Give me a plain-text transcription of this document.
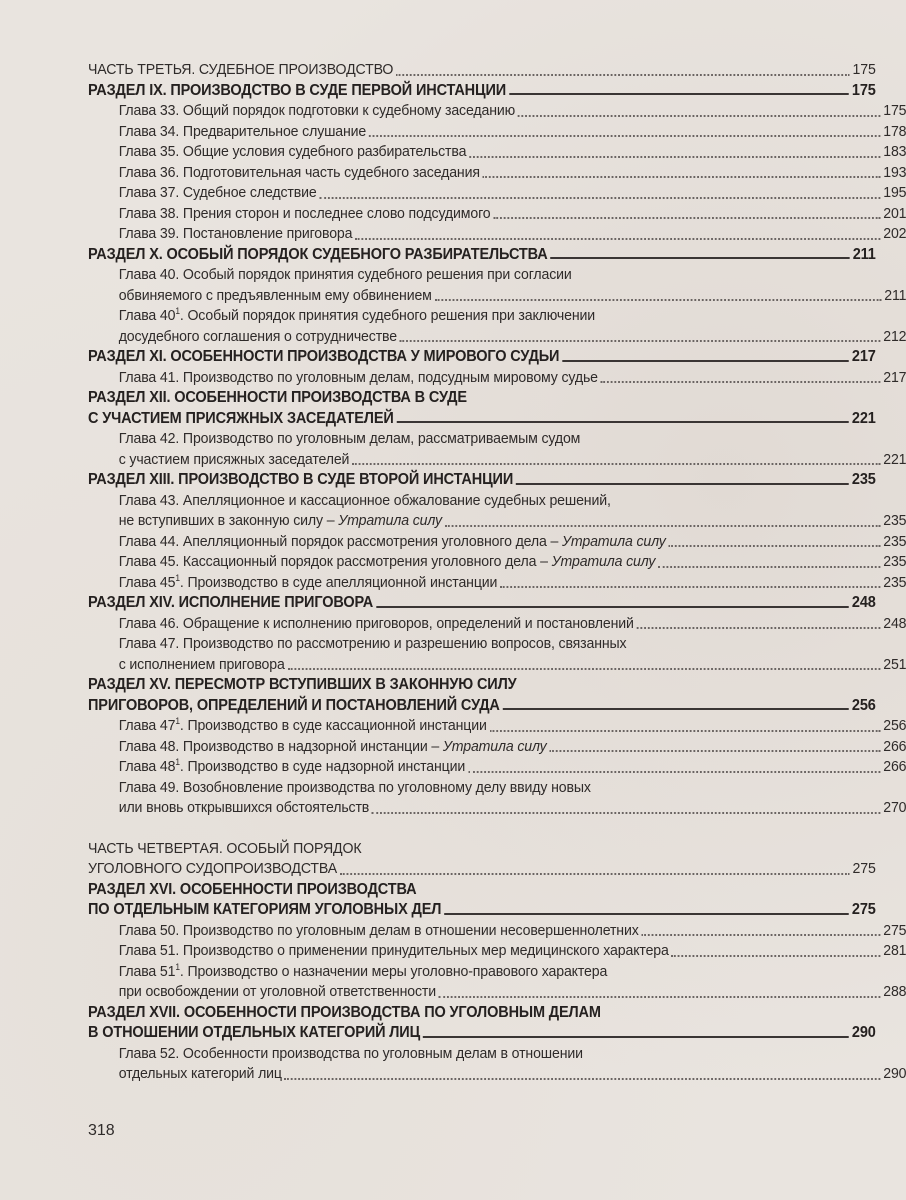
ЧАСТЬ ТРЕТЬЯ. СУДЕБНОЕ ПРОИЗВОДСТВО	175
РАЗДЕЛ IX. ПРОИЗВОДСТВО В СУДЕ ПЕРВОЙ ИНСТАНЦИИ	175
Глава 33. Общий порядок подготовки к судебному заседанию	175
Глава 34. Предварительное слушание	178
Глава 35. Общие условия судебного разбирательства	183
Глава 36. Подготовительная часть судебного заседания	193
Глава 37. Судебное следствие	195
Глава 38. Прения сторон и последнее слово подсудимого	201
Глава 39. Постановление приговора	202
РАЗДЕЛ X. ОСОБЫЙ ПОРЯДОК СУДЕБНОГО РАЗБИРАТЕЛЬСТВА	211
Глава 40. Особый порядок принятия судебного решения при согласии
обвиняемого с предъявленным ему обвинением	211
Глава $40^1$. Особый порядок принятия судебного решения при заключении
досудебного соглашения о сотрудничестве	212
РАЗДЕЛ XI. ОСОБЕННОСТИ ПРОИЗВОДСТВА У МИРОВОГО СУДЬИ	217
Глава 41. Производство по уголовным делам, подсудным мировому судье	217
РАЗДЕЛ XII. ОСОБЕННОСТИ ПРОИЗВОДСТВА В СУДЕ
С УЧАСТИЕМ ПРИСЯЖНЫХ ЗАСЕДАТЕЛЕЙ	221
Глава 42. Производство по уголовным делам, рассматриваемым судом
с участием присяжных заседателей	221
РАЗДЕЛ XIII. ПРОИЗВОДСТВО В СУДЕ ВТОРОЙ ИНСТАНЦИИ	235
Глава 43. Апелляционное и кассационное обжалование судебных решений,
не вступивших в законную силу – Утратила силу	235
Глава 44. Апелляционный порядок рассмотрения уголовного дела – Утратила силу	235
Глава 45. Кассационный порядок рассмотрения уголовного дела – Утратила силу	235
Глава $45^1$. Производство в суде апелляционной инстанции	235
РАЗДЕЛ XIV. ИСПОЛНЕНИЕ ПРИГОВОРА	248
Глава 46. Обращение к исполнению приговоров, определений и постановлений	248
Глава 47. Производство по рассмотрению и разрешению вопросов, связанных
с исполнением приговора	251
РАЗДЕЛ XV. ПЕРЕСМОТР ВСТУПИВШИХ В ЗАКОННУЮ СИЛУ
ПРИГОВОРОВ, ОПРЕДЕЛЕНИЙ И ПОСТАНОВЛЕНИЙ СУДА	256
Глава $47^1$. Производство в суде кассационной инстанции	256
Глава 48. Производство в надзорной инстанции – Утратила силу	266
Глава $48^1$. Производство в суде надзорной инстанции	266
Глава 49. Возобновление производства по уголовному делу ввиду новых
или вновь открывшихся обстоятельств	270
ЧАСТЬ ЧЕТВЕРТАЯ. ОСОБЫЙ ПОРЯДОК
УГОЛОВНОГО СУДОПРОИЗВОДСТВА	275
РАЗДЕЛ XVI. ОСОБЕННОСТИ ПРОИЗВОДСТВА
ПО ОТДЕЛЬНЫМ КАТЕГОРИЯМ УГОЛОВНЫХ ДЕЛ	275
Глава 50. Производство по уголовным делам в отношении несовершеннолетних	275
Глава 51. Производство о применении принудительных мер медицинского характера	281
Глава $51^1$. Производство о назначении меры уголовно-правового характера
при освобождении от уголовной ответственности	288
РАЗДЕЛ XVII. ОСОБЕННОСТИ ПРОИЗВОДСТВА ПО УГОЛОВНЫМ ДЕЛАМ
В ОТНОШЕНИИ ОТДЕЛЬНЫХ КАТЕГОРИЙ ЛИЦ	290
Глава 52. Особенности производства по уголовным делам в отношении
отдельных категорий лиц	290
318
